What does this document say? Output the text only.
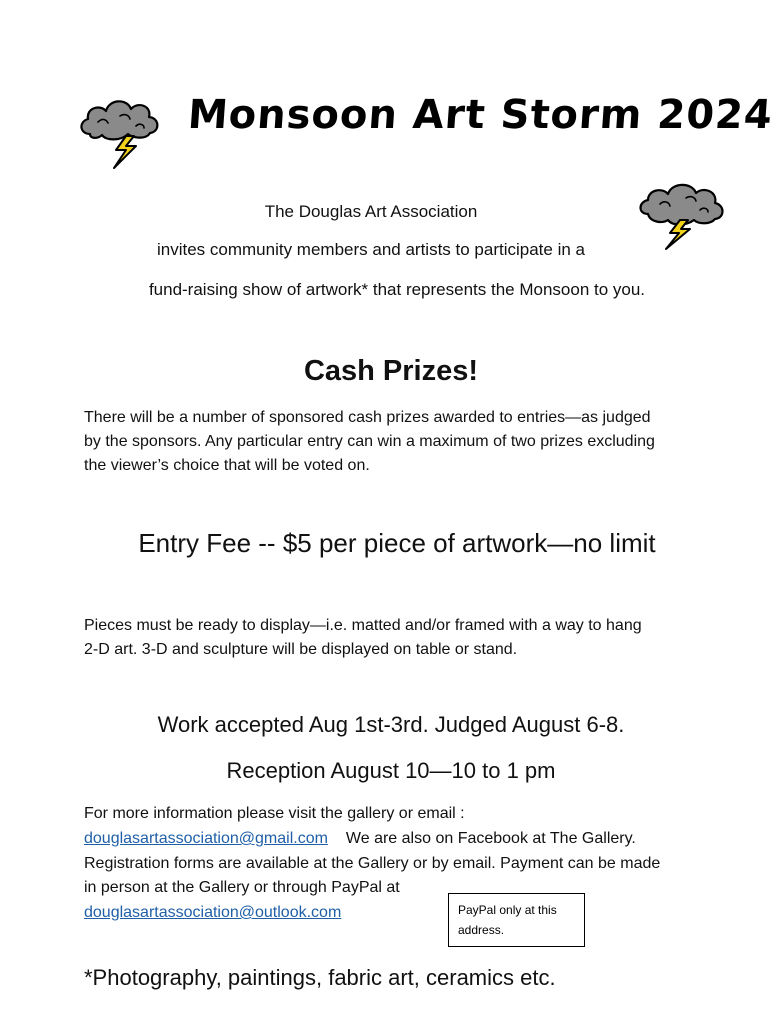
Monsoon Art Storm 2024
The Douglas Art Association
invites community members and artists to participate in a
fund-raising show of artwork* that represents the Monsoon to you.
Cash Prizes!
There will be a number of sponsored cash prizes awarded to entries—as judged
by the sponsors. Any particular entry can win a maximum of two prizes excluding
the viewer’s choice that will be voted on.
Entry Fee -- $5 per piece of artwork—no limit
Pieces must be ready to display—i.e. matted and/or framed with a way to hang
2-D art. 3-D and sculpture will be displayed on table or stand.
Work accepted Aug 1st-3rd. Judged August 6-8.
Reception August 10—10 to 1 pm
For more information please visit the gallery or email :
douglasartassociation@gmail.com We are also on Facebook at The Gallery.
Registration forms are available at the Gallery or by email. Payment can be made
in person at the Gallery or through PayPal at
douglasartassociation@outlook.com	PayPal only at this address.
*Photography, paintings, fabric art, ceramics etc.
